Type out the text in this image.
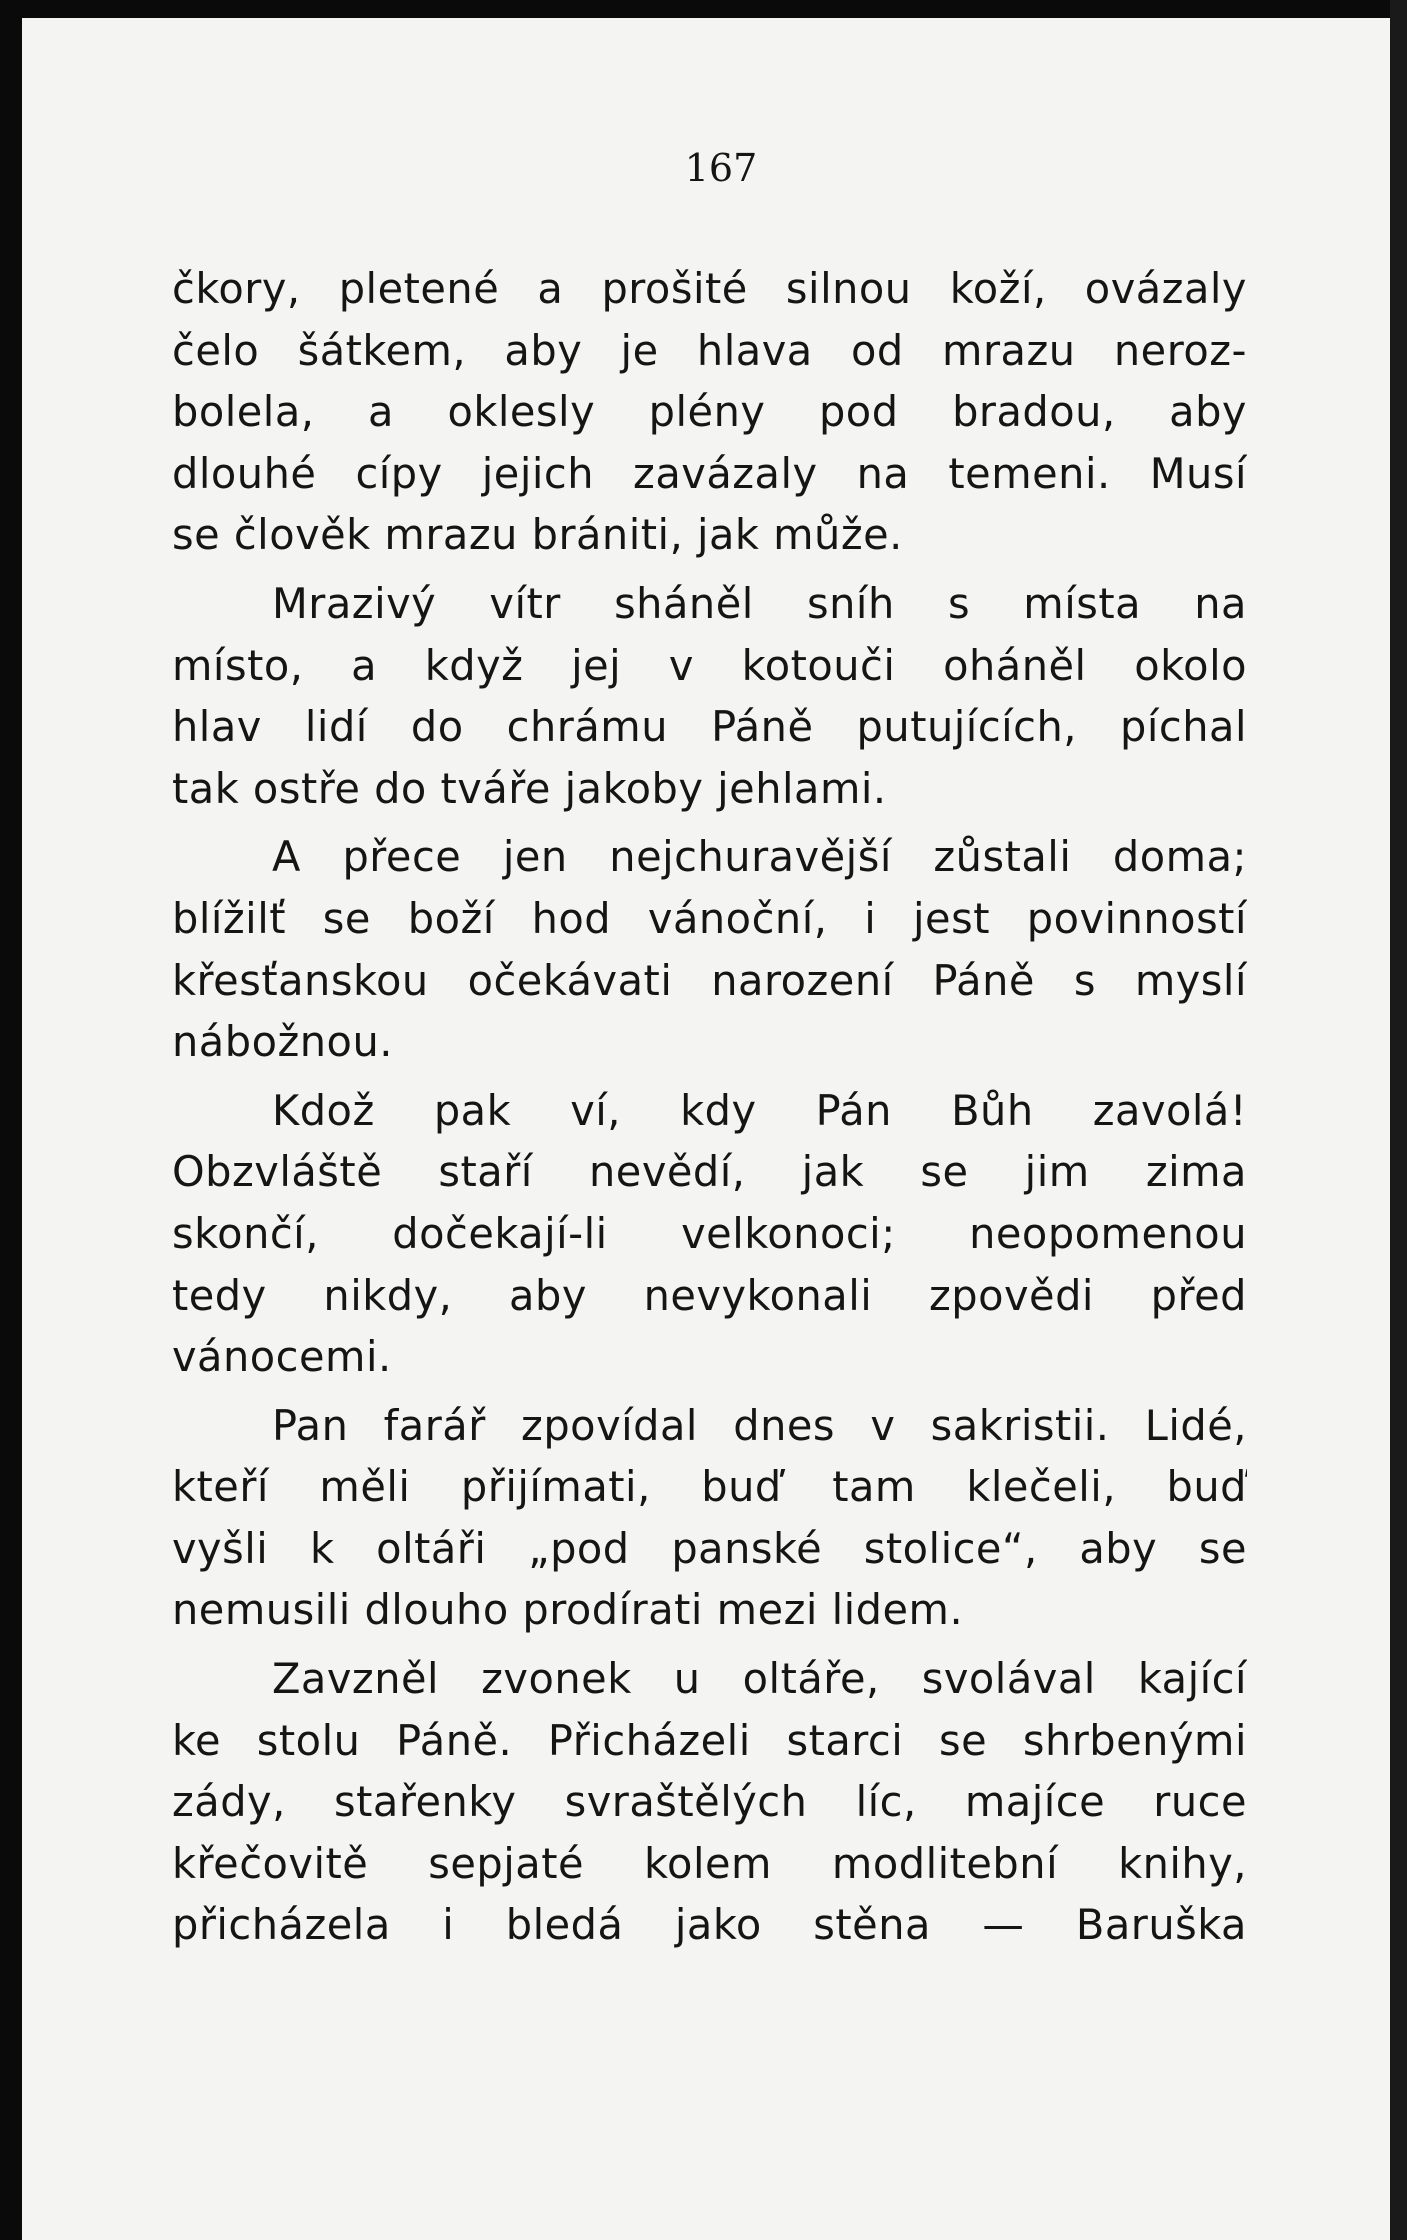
167

čkory, pletené a prošité silnou koží, ovázaly
čelo šátkem, aby je hlava od mrazu neroz-
bolela, a oklesly plény pod bradou, aby
dlouhé cípy jejich zavázaly na temeni. Musí
se člověk mrazu brániti, jak může.

Mrazivý vítr sháněl sníh s místa na
místo, a když jej v kotouči oháněl okolo
hlav lidí do chrámu Páně putujících, píchal
tak ostře do tváře jakoby jehlami.

A přece jen nejchuravější zůstali doma;
blížilť se boží hod vánoční, i jest povinností
křesťanskou očekávati narození Páně s myslí
nábožnou.

Kdož pak ví, kdy Pán Bůh zavolá!
Obzvláště staří nevědí, jak se jim zima
skončí, dočekají-li velkonoci; neopomenou
tedy nikdy, aby nevykonali zpovědi před
vánocemi.

Pan farář zpovídal dnes v sakristii. Lidé,
kteří měli přijímati, buď tam klečeli, buď
vyšli k oltáři „pod panské stolice“, aby se
nemusili dlouho prodírati mezi lidem.

Zavzněl zvonek u oltáře, svolával kající
ke stolu Páně. Přicházeli starci se shrbenými
zády, stařenky svraštělých líc, majíce ruce
křečovitě sepjaté kolem modlitební knihy,
přicházela i bledá jako stěna — Baruška
